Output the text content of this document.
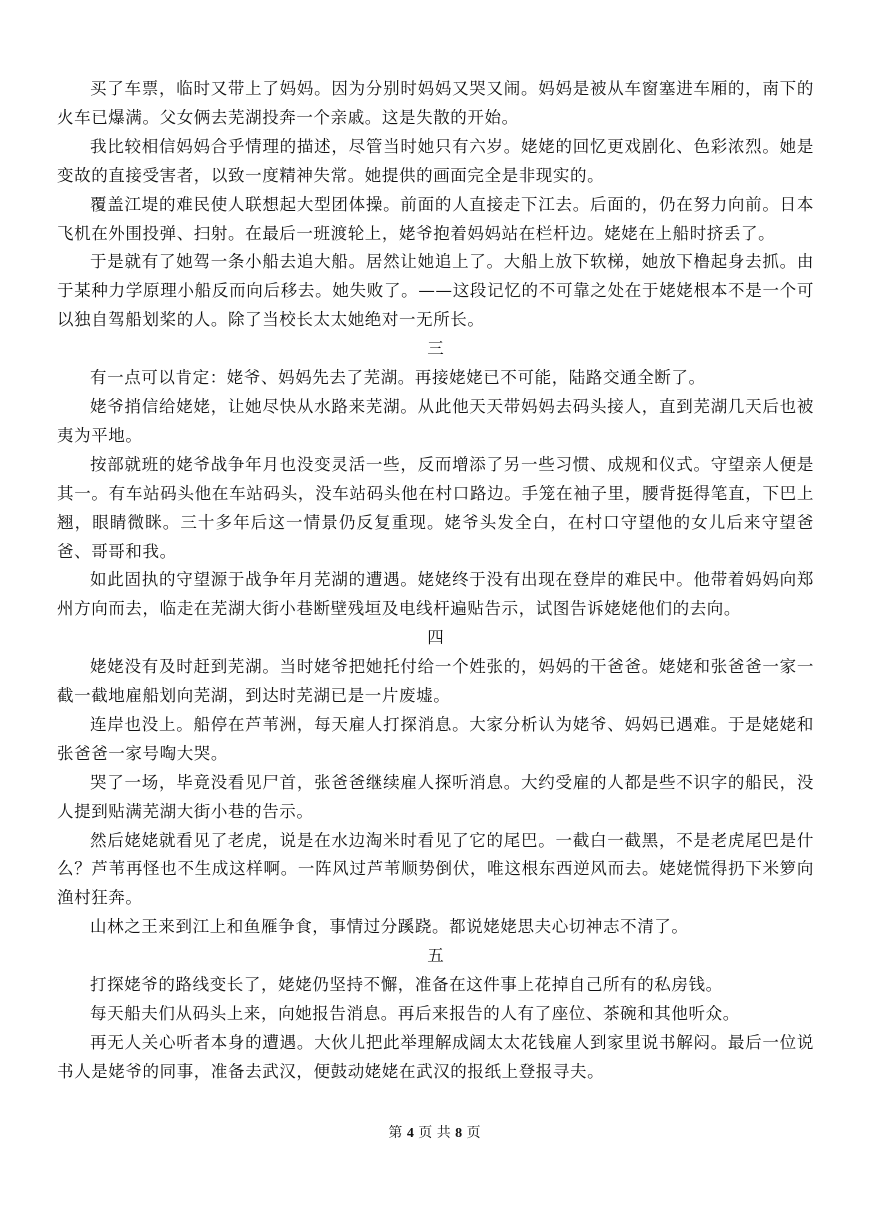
买了车票，临时又带上了妈妈。因为分别时妈妈又哭又闹。妈妈是被从车窗塞进车厢的，南下的火车已爆满。父女俩去芜湖投奔一个亲戚。这是失散的开始。

我比较相信妈妈合乎情理的描述，尽管当时她只有六岁。姥姥的回忆更戏剧化、色彩浓烈。她是变故的直接受害者，以致一度精神失常。她提供的画面完全是非现实的。

覆盖江堤的难民使人联想起大型团体操。前面的人直接走下江去。后面的，仍在努力向前。日本飞机在外围投弹、扫射。在最后一班渡轮上，姥爷抱着妈妈站在栏杆边。姥姥在上船时挤丢了。

于是就有了她驾一条小船去追大船。居然让她追上了。大船上放下软梯，她放下橹起身去抓。由于某种力学原理小船反而向后移去。她失败了。——这段记忆的不可靠之处在于姥姥根本不是一个可以独自驾船划桨的人。除了当校长太太她绝对一无所长。

三

有一点可以肯定：姥爷、妈妈先去了芜湖。再接姥姥已不可能，陆路交通全断了。

姥爷捎信给姥姥，让她尽快从水路来芜湖。从此他天天带妈妈去码头接人，直到芜湖几天后也被夷为平地。

按部就班的姥爷战争年月也没变灵活一些，反而增添了另一些习惯、成规和仪式。守望亲人便是其一。有车站码头他在车站码头，没车站码头他在村口路边。手笼在袖子里，腰背挺得笔直，下巴上翘，眼睛微眯。三十多年后这一情景仍反复重现。姥爷头发全白，在村口守望他的女儿后来守望爸爸、哥哥和我。

如此固执的守望源于战争年月芜湖的遭遇。姥姥终于没有出现在登岸的难民中。他带着妈妈向郑州方向而去，临走在芜湖大街小巷断壁残垣及电线杆遍贴告示，试图告诉姥姥他们的去向。

四

姥姥没有及时赶到芜湖。当时姥爷把她托付给一个姓张的，妈妈的干爸爸。姥姥和张爸爸一家一截一截地雇船划向芜湖，到达时芜湖已是一片废墟。

连岸也没上。船停在芦苇洲，每天雇人打探消息。大家分析认为姥爷、妈妈已遇难。于是姥姥和张爸爸一家号啕大哭。

哭了一场，毕竟没看见尸首，张爸爸继续雇人探听消息。大约受雇的人都是些不识字的船民，没人提到贴满芜湖大街小巷的告示。

然后姥姥就看见了老虎，说是在水边淘米时看见了它的尾巴。一截白一截黑，不是老虎尾巴是什么？芦苇再怪也不生成这样啊。一阵风过芦苇顺势倒伏，唯这根东西逆风而去。姥姥慌得扔下米箩向渔村狂奔。

山林之王来到江上和鱼雁争食，事情过分蹊跷。都说姥姥思夫心切神志不清了。

五

打探姥爷的路线变长了，姥姥仍坚持不懈，准备在这件事上花掉自己所有的私房钱。

每天船夫们从码头上来，向她报告消息。再后来报告的人有了座位、茶碗和其他听众。

再无人关心听者本身的遭遇。大伙儿把此举理解成阔太太花钱雇人到家里说书解闷。最后一位说书人是姥爷的同事，准备去武汉，便鼓动姥姥在武汉的报纸上登报寻夫。

第 4 页 共 8 页
